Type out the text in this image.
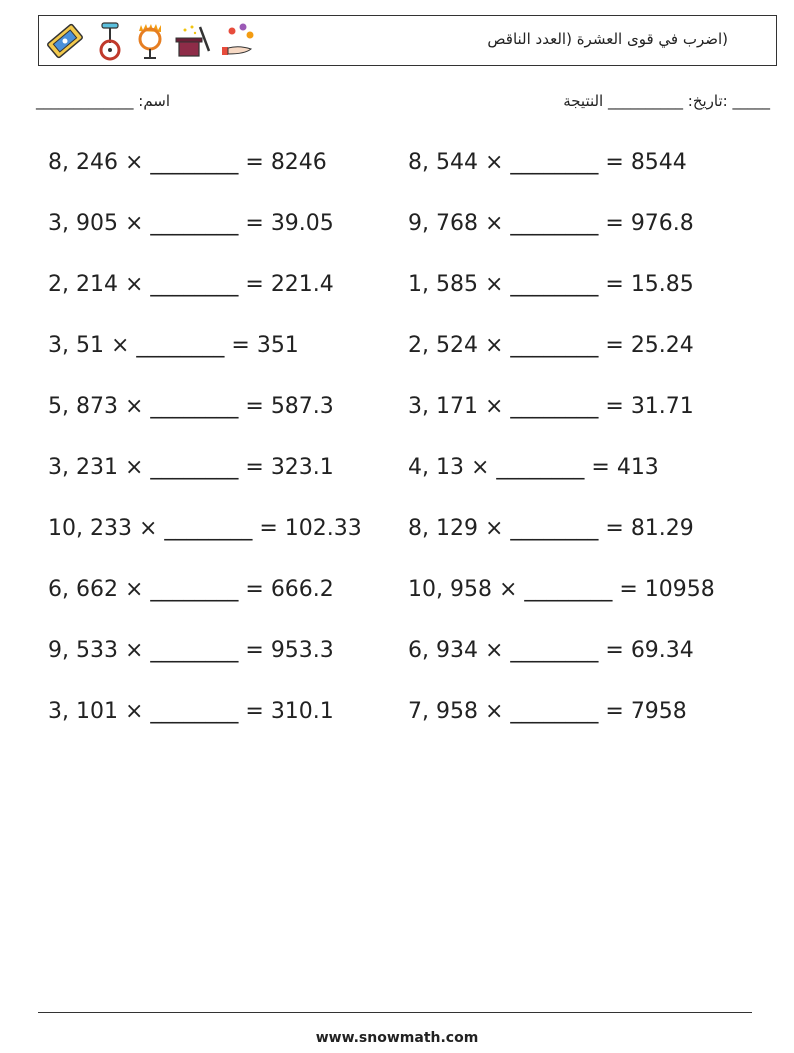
(اضرب في قوى العشرة (العدد الناقص
اسم: _____________	_____ :تاريخ: __________ النتيجة
8, 246 × ________ = 8246
3, 905 × ________ = 39.05
2, 214 × ________ = 221.4
3, 51 × ________ = 351
5, 873 × ________ = 587.3
3, 231 × ________ = 323.1
10, 233 × ________ = 102.33
6, 662 × ________ = 666.2
9, 533 × ________ = 953.3
3, 101 × ________ = 310.1
8, 544 × ________ = 8544
9, 768 × ________ = 976.8
1, 585 × ________ = 15.85
2, 524 × ________ = 25.24
3, 171 × ________ = 31.71
4, 13 × ________ = 413
8, 129 × ________ = 81.29
10, 958 × ________ = 10958
6, 934 × ________ = 69.34
7, 958 × ________ = 7958
www.snowmath.com
